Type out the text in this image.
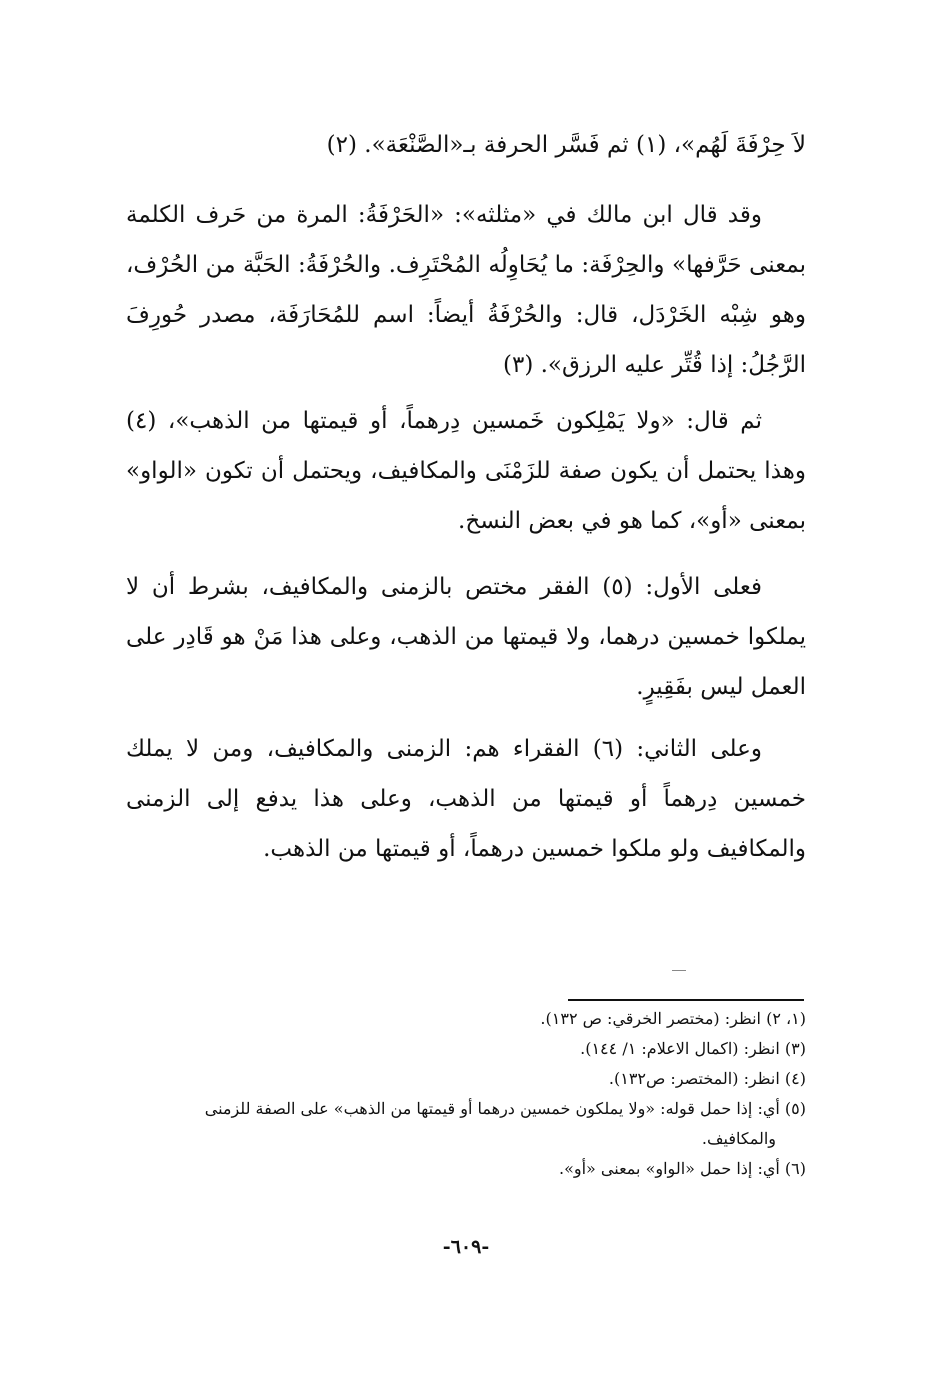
لاَ حِرْفَةَ لَهُم»، (١) ثم فَسَّر الحرفة بـ«الصَّنْعَة». (٢)

وقد قال ابن مالك في «مثلثه»: «الحَرْفَةُ: المرة من حَرف الكلمة بمعنى حَرَّفها» والحِرْفَة: ما يُحَاوِلُه المُحْتَرِف. والحُرْفَةُ: الحَبَّة من الحُرْف، وهو شِبْه الخَرْدَل، قال: والحُرْفَةُ أيضاً: اسم للمُحَارَفَة، مصدر حُورِفَ الرَّجُلُ: إذا قُتِّر عليه الرزق». (٣)

ثم قال: «ولا يَمْلِكون خَمسين دِرهماً، أو قيمتها من الذهب»، (٤) وهذا يحتمل أن يكون صفة للزَمْنَى والمكافيف، ويحتمل أن تكون «الواو» بمعنى «أو»، كما هو في بعض النسخ.

فعلى الأول: (٥) الفقر مختص بالزمنى والمكافيف، بشرط أن لا يملكوا خمسين درهما، ولا قيمتها من الذهب، وعلى هذا مَنْ هو قَادِر على العمل ليس بفَقِيرٍ.

وعلى الثاني: (٦) الفقراء هم: الزمنى والمكافيف، ومن لا يملك خمسين دِرهماً أو قيمتها من الذهب، وعلى هذا يدفع إلى الزمنى والمكافيف ولو ملكوا خمسين درهماً، أو قيمتها من الذهب.

(١، ٢) انظر: (مختصر الخرقي: ص ١٣٢).

(٣) انظر: (اكمال الاعلام: ١/ ١٤٤).

(٤) انظر: (المختصر: ص١٣٢).

(٥) أي: إذا حمل قوله: «ولا يملكون خمسين درهما أو قيمتها من الذهب» على الصفة للزمنى

والمكافيف.

(٦) أي: إذا حمل «الواو» بمعنى «أو».

-٦٠٩-
